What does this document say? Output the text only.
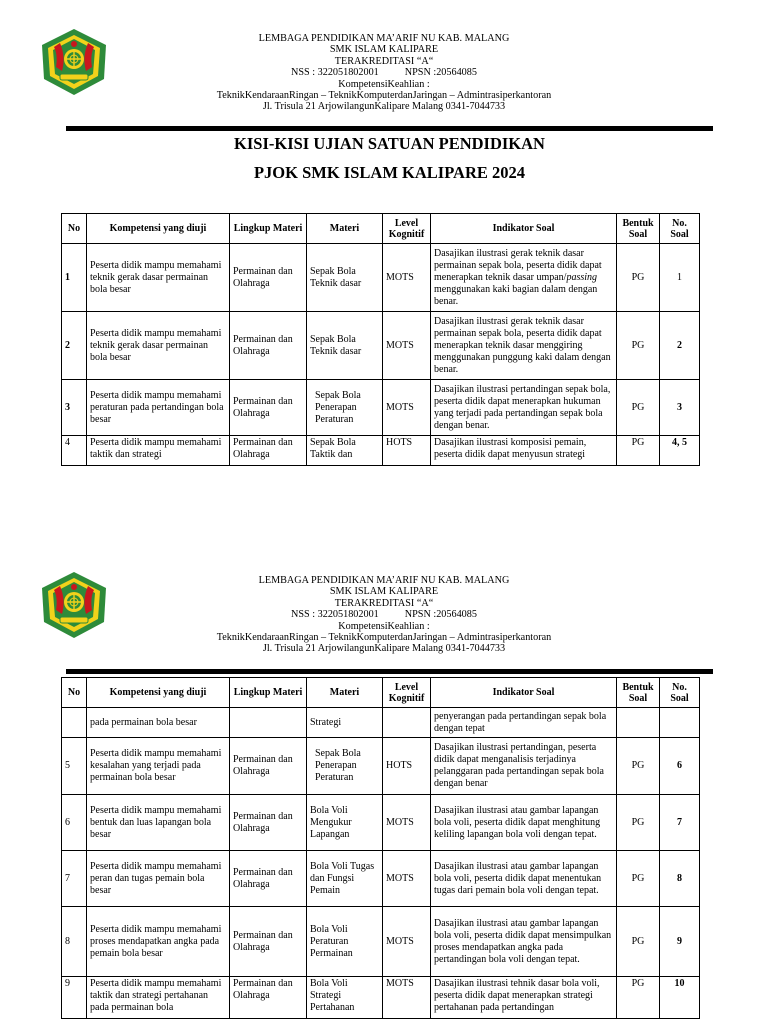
LEMBAGA PENDIDIKAN MA’ARIF NU KAB. MALANG
SMK ISLAM KALIPARE
TERAKREDITASI “A“
NSS : 322051802001	NPSN :20564085
KompetensiKeahlian :
TeknikKendaraanRingan – TeknikKomputerdanJaringan – Admintrasiperkantoran
Jl. Trisula 21 ArjowilangunKalipare Malang 0341-7044733
KISI-KISI UJIAN SATUAN PENDIDIKAN
PJOK SMK ISLAM KALIPARE 2024
No	Kompetensi yang diuji	Lingkup Materi	Materi	Level Kognitif	Indikator Soal	Bentuk Soal	No. Soal
1	Peserta didik mampu memahami teknik gerak dasar permainan bola besar	Permainan dan Olahraga	Sepak Bola Teknik dasar	MOTS	Dasajikan ilustrasi gerak teknik dasar permainan sepak bola, peserta didik dapat menerapkan teknik dasar umpan/passing menggunakan kaki bagian dalam dengan benar.	PG	1
2	Peserta didik mampu memahami teknik gerak dasar permainan bola besar	Permainan dan Olahraga	Sepak Bola Teknik dasar	MOTS	Dasajikan ilustrasi gerak teknik dasar permainan sepak bola, peserta didik dapat menerapkan teknik dasar menggiring menggunakan punggung kaki dalam dengan benar.	PG	2
3	Peserta didik mampu memahami peraturan pada pertandingan bola besar	Permainan dan Olahraga	Sepak Bola Penerapan Peraturan	MOTS	Dasajikan ilustrasi pertandingan sepak bola, peserta didik dapat menerapkan hukuman yang terjadi pada pertandingan sepak bola dengan benar.	PG	3
4	Peserta didik mampu memahami taktik dan strategi	Permainan dan Olahraga	Sepak Bola Taktik dan	HOTS	Dasajikan ilustrasi komposisi pemain, peserta didik dapat menyusun strategi	PG	4, 5
LEMBAGA PENDIDIKAN MA’ARIF NU KAB. MALANG
SMK ISLAM KALIPARE
TERAKREDITASI “A“
NSS : 322051802001	NPSN :20564085
KompetensiKeahlian :
TeknikKendaraanRingan – TeknikKomputerdanJaringan – Admintrasiperkantoran
Jl. Trisula 21 ArjowilangunKalipare Malang 0341-7044733
No	Kompetensi yang diuji	Lingkup Materi	Materi	Level Kognitif	Indikator Soal	Bentuk Soal	No. Soal
	pada permainan bola besar		Strategi		penyerangan pada pertandingan sepak bola dengan tepat		
5	Peserta didik mampu memahami kesalahan yang terjadi pada permainan bola besar	Permainan dan Olahraga	Sepak Bola Penerapan Peraturan	HOTS	Dasajikan ilustrasi pertandingan, peserta didik dapat menganalisis terjadinya pelanggaran pada pertandingan sepak bola dengan benar	PG	6
6	Peserta didik mampu memahami bentuk dan luas lapangan bola besar	Permainan dan Olahraga	Bola Voli Mengukur Lapangan	MOTS	Dasajikan ilustrasi atau gambar lapangan bola voli, peserta didik dapat menghitung keliling lapangan bola voli dengan tepat.	PG	7
7	Peserta didik mampu memahami peran dan tugas pemain bola besar	Permainan dan Olahraga	Bola Voli Tugas dan Fungsi Pemain	MOTS	Dasajikan ilustrasi atau gambar lapangan bola voli, peserta didik dapat menentukan tugas dari pemain bola voli dengan tepat.	PG	8
8	Peserta didik mampu memahami proses mendapatkan angka pada pemain bola besar	Permainan dan Olahraga	Bola Voli Peraturan Permainan	MOTS	Dasajikan ilustrasi atau gambar lapangan bola voli, peserta didik dapat mensimpulkan proses mendapatkan angka pada pertandingan bola voli dengan tepat.	PG	9
9	Peserta didik mampu memahami taktik dan strategi pertahanan pada permainan bola	Permainan dan Olahraga	Bola Voli Strategi Pertahanan	MOTS	Dasajikan ilustrasi tehnik dasar bola voli, peserta didik dapat menerapkan strategi pertahanan pada pertandingan	PG	10
